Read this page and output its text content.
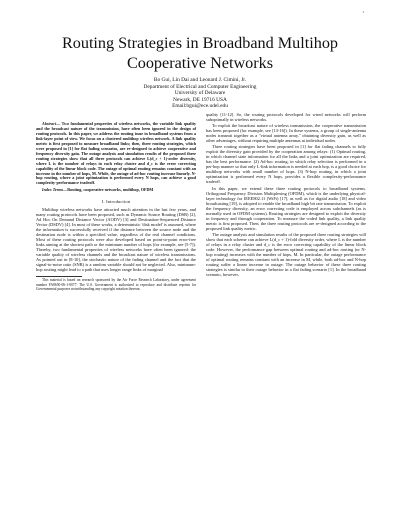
1
Routing Strategies in Broadband Multihop Cooperative Networks
Bo Gui, Lin Dai and Leonard J. Cimini, Jr.
Department of Electrical and Computer Engineering
University of Delaware
Newark, DE 19716 USA
Email:bgui@ece.udel.edu
Abstract— Two fundamental properties of wireless networks, the variable link quality and the broadcast nature of the transmission, have often been ignored in the design of routing protocols. In this paper, we address the routing issue in broadband systems from a link-layer point of view. We focus on a clustered multihop wireless network. A link quality metric is first proposed to measure broadband links; then, three routing strategies, which were proposed in [1] for flat fading scenarios, are re-designed to achieve cooperative and frequency diversity gain. The outage analysis and simulation results of the proposed three routing strategies show that all three protocols can achieve L(d_c + 1)-order diversity, where L is the number of relays in each relay cluster and d_c is the error correcting capability of the linear block code. The outage of optimal routing remains constant with an increase in the number of hops, M. While, the outage of ad-hoc routing increase linearly. N-hop routing, where a joint optimization is performed every N hops, can achieve a good complexity-performance tradeoff.
Index Terms—Routing, cooperative networks, multihop, OFDM
I. Introduction

Multihop wireless networks have attracted much attention in the last few years, and many routing protocols have been proposed, such as Dynamic Source Routing (DSR) [2], Ad Hoc On Demand Distance Vector (AODV) [3] and Destination-Sequenced Distance Vector (DSDV) [4]. In most of these works, a deterministic 'disk model' is assumed, where the information is successfully received if the distance between the source node and the destination node is within a specified value, regardless of the real channel conditions. Most of these routing protocols were also developed based on point-to-point error-free links aiming at the shortest path or the minimum number of hops (for example, see [5-7]). Thereby, two fundamental properties of wireless networks have often been ignored: the variable quality of wireless channels and the broadcast nature of wireless transmissions. As pointed out in [8-10], the stochastic nature of the fading channel and the fact that the signal-to-noise ratio (SNR) is a random variable should not be neglected. Also, minimum-hop routing might lead to a path that uses longer range links of marginal

This material is based on research sponsored by the Air Force Research Laboratory, under agreement number FA8650-06-1-0077. The U.S. Government is authorized to reproduce and distribute reprints for Governmental purposes notwithstanding any copyright notation thereon.

quality [11-12]. So, the routing protocols developed for wired networks will perform suboptimally in wireless networks.

To exploit the broadcast nature of wireless transmission, the cooperative transmission has been proposed (for example, see [13-16]). In these systems, a group of single-antenna nodes transmit together as a "virtual antenna array," obtaining diversity gain, as well as other advantages, without requiring multiple antennas at individual nodes.

Three routing strategies have been proposed in [1] for flat fading channels to fully exploit the diversity gain provided by the cooperation among relays: (1) Optimal routing, in which channel state information for all the links and a joint optimization are required, has the best performance. (2) Ad-hoc routing, in which relay selection is performed in a per-hop manner so that only L-link information is needed at each hop, is a good choice for multihop networks with small number of hops. (3) N-hop routing, in which a joint optimization is performed every N hops, provides a flexible complexity-performance tradeoff.

In this paper, we extend these three routing protocols to broadband systems. Orthogonal Frequency Division Multiplexing (OFDM), which is the underlying physical-layer technology for IEEE802.11 (WiFi) [17], as well as for digital audio [18] and video broadcasting [19], is adopted to enable the broadband high bit rate transmission. To exploit the frequency diversity, an error correcting code is employed across subchannels (as is normally used in OFDM systems). Routing strategies are designed to exploit the diversity in frequency and through cooperation. To measure the coded link quality, a link quality metric is first proposed. Then, the three routing protocols are re-designed according to the proposed link quality metric.

The outage analysis and simulation results of the proposed three routing strategies will show that each scheme can achieve L(d_c + 1)-fold diversity order, where L is the number of relays in a relay cluster and d_c is the error correcting capability of the linear block code. However, the performance gap between optimal routing and ad-hoc routing (or N-hop routing) increases with the number of hops, M. In particular, the outage performance of optimal routing remains constant with an increase in M, while, both ad-hoc and N-hop routing suffer a linear increase in outage. The outage behavior of these three routing strategies is similar to their outage behavior in a flat fading scenario [1]. In the broadband scenario, however,
